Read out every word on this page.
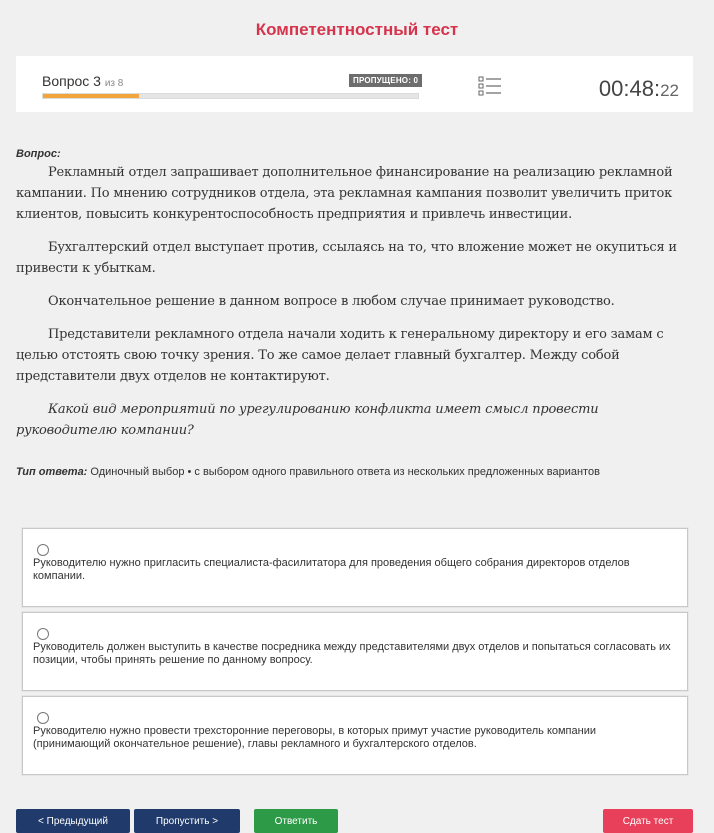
Компетентностный тест
Вопрос 3 из 8	ПРОПУЩЕНО: 0	00:48:22
Вопрос:

Рекламный отдел запрашивает дополнительное финансирование на реализацию рекламной кампании. По мнению сотрудников отдела, эта рекламная кампания позволит увеличить приток клиентов, повысить конкурентоспособность предприятия и привлечь инвестиции.

Бухгалтерский отдел выступает против, ссылаясь на то, что вложение может не окупиться и привести к убыткам.

Окончательное решение в данном вопросе в любом случае принимает руководство.

Представители рекламного отдела начали ходить к генеральному директору и его замам с целью отстоять свою точку зрения. То же самое делает главный бухгалтер. Между собой представители двух отделов не контактируют.

Какой вид мероприятий по урегулированию конфликта имеет смысл провести руководителю компании?

Тип ответа: Одиночный выбор • с выбором одного правильного ответа из нескольких предложенных вариантов
Руководителю нужно пригласить специалиста-фасилитатора для проведения общего собрания директоров отделов компании.
Руководитель должен выступить в качестве посредника между представителями двух отделов и попытаться согласовать их позиции, чтобы принять решение по данному вопросу.
Руководителю нужно провести трехсторонние переговоры, в которых примут участие руководитель компании (принимающий окончательное решение), главы рекламного и бухгалтерского отделов.
< Предыдущий	Пропустить >	Ответить	Сдать тест
